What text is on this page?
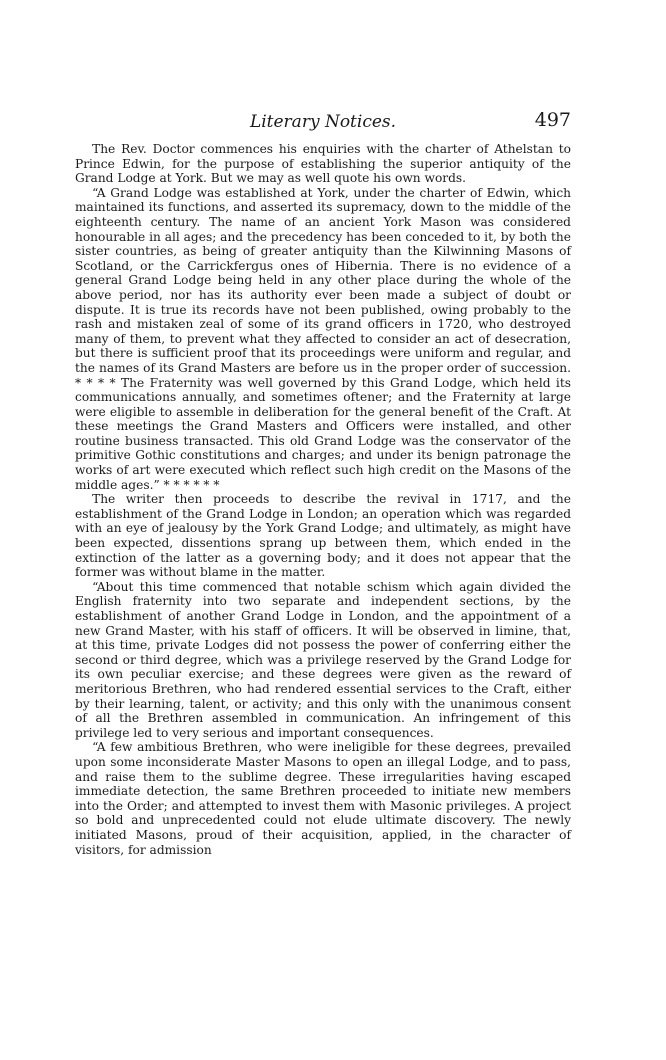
Literary Notices.	497

The Rev. Doctor commences his enquiries with the charter of Athelstan to Prince Edwin, for the purpose of establishing the superior antiquity of the Grand Lodge at York. But we may as well quote his own words.

“A Grand Lodge was established at York, under the charter of Edwin, which maintained its functions, and asserted its supremacy, down to the middle of the eighteenth century. The name of an ancient York Mason was considered honourable in all ages; and the precedency has been conceded to it, by both the sister countries, as being of greater antiquity than the Kilwinning Masons of Scotland, or the Carrickfergus ones of Hibernia. There is no evidence of a general Grand Lodge being held in any other place during the whole of the above period, nor has its authority ever been made a subject of doubt or dispute. It is true its records have not been published, owing probably to the rash and mistaken zeal of some of its grand officers in 1720, who destroyed many of them, to prevent what they affected to consider an act of desecration, but there is sufficient proof that its proceedings were uniform and regular, and the names of its Grand Masters are before us in the proper order of succession. * * * * The Fraternity was well governed by this Grand Lodge, which held its communications annually, and sometimes oftener; and the Fraternity at large were eligible to assemble in deliberation for the general benefit of the Craft. At these meetings the Grand Masters and Officers were installed, and other routine business transacted. This old Grand Lodge was the conservator of the primitive Gothic constitutions and charges; and under its benign patronage the works of art were executed which reflect such high credit on the Masons of the middle ages.” * * * * * *

The writer then proceeds to describe the revival in 1717, and the establishment of the Grand Lodge in London; an operation which was regarded with an eye of jealousy by the York Grand Lodge; and ultimately, as might have been expected, dissentions sprang up between them, which ended in the extinction of the latter as a governing body; and it does not appear that the former was without blame in the matter.

“About this time commenced that notable schism which again divided the English fraternity into two separate and independent sections, by the establishment of another Grand Lodge in London, and the appointment of a new Grand Master, with his staff of officers. It will be observed in limine, that, at this time, private Lodges did not possess the power of conferring either the second or third degree, which was a privilege reserved by the Grand Lodge for its own peculiar exercise; and these degrees were given as the reward of meritorious Brethren, who had rendered essential services to the Craft, either by their learning, talent, or activity; and this only with the unanimous consent of all the Brethren assembled in communication. An infringement of this privilege led to very serious and important consequences.

“A few ambitious Brethren, who were ineligible for these degrees, prevailed upon some inconsiderate Master Masons to open an illegal Lodge, and to pass, and raise them to the sublime degree. These irregularities having escaped immediate detection, the same Brethren proceeded to initiate new members into the Order; and attempted to invest them with Masonic privileges. A project so bold and unprecedented could not elude ultimate discovery. The newly initiated Masons, proud of their acquisition, applied, in the character of visitors, for admission
